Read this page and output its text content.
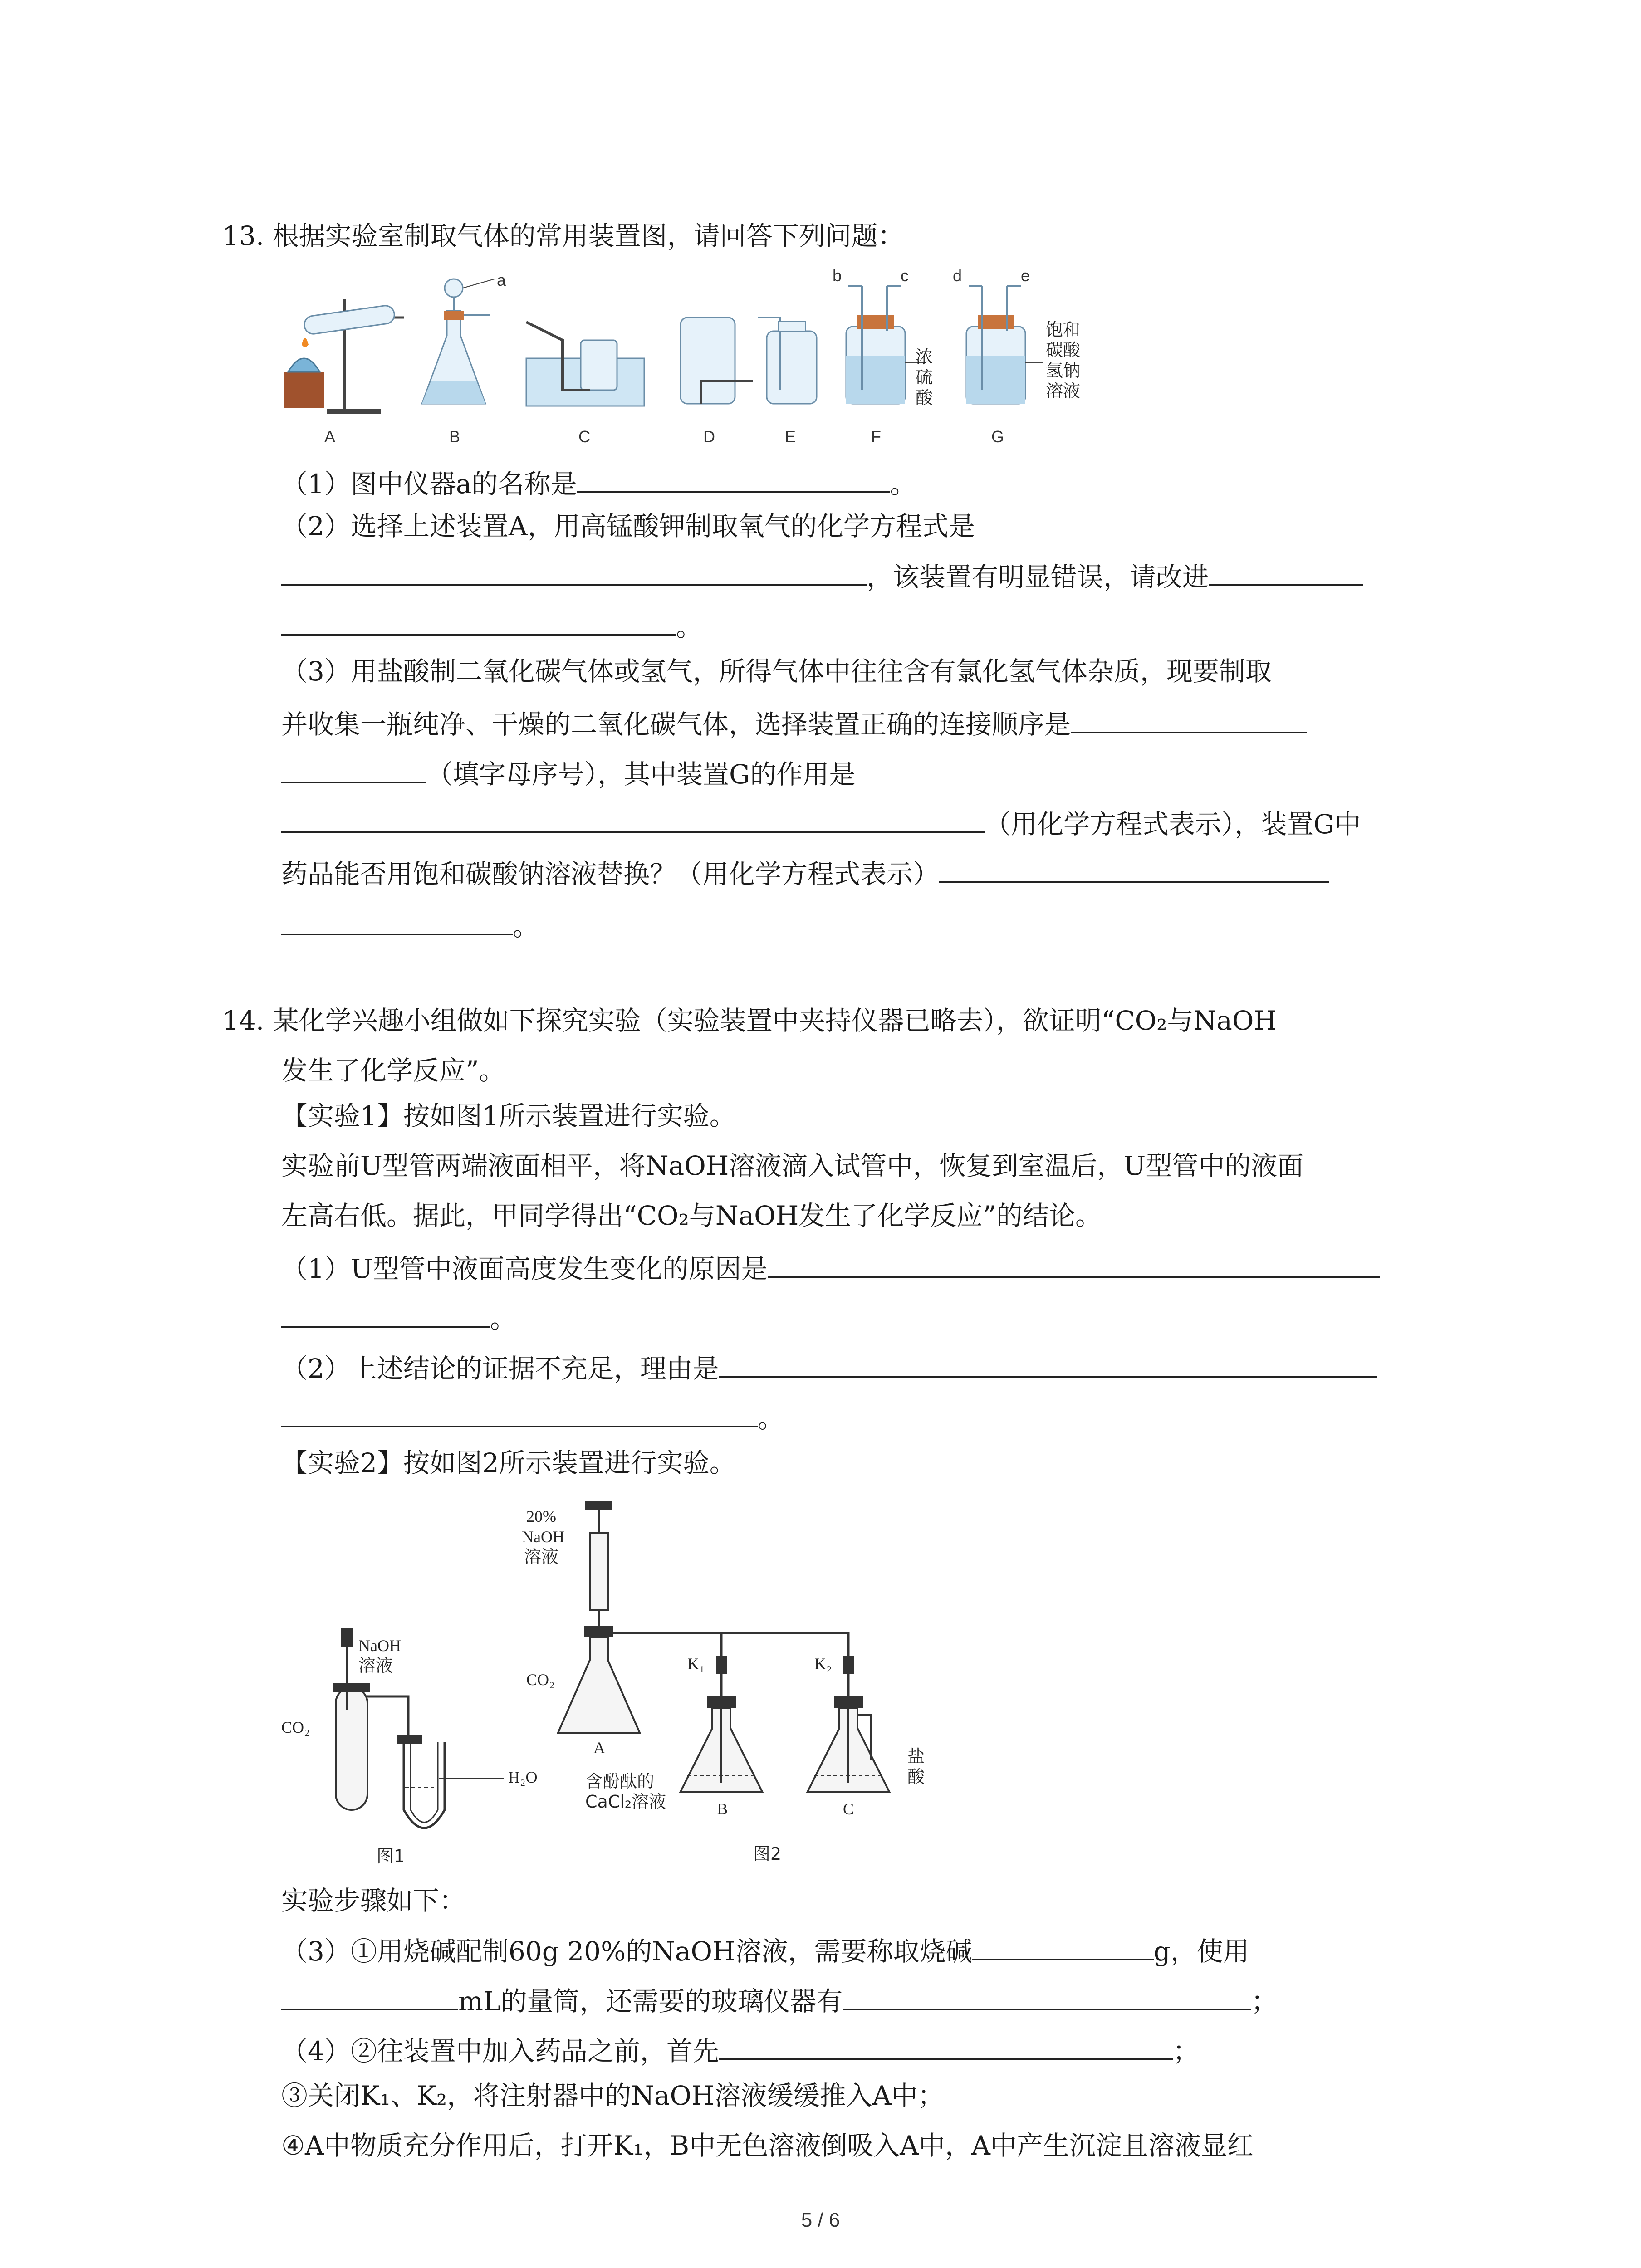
13. 根据实验室制取气体的常用装置图，请回答下列问题：
a	b	c	d	e
浓
硫
酸
饱和
碳酸
氢钠
溶液
A	B	C	D	E	F	G
（1）图中仪器a的名称是	。
（2）选择上述装置A，用高锰酸钾制取氧气的化学方程式是
，该装置有明显错误，请改进
。
（3）用盐酸制二氧化碳气体或氢气，所得气体中往往含有氯化氢气体杂质，现要制取
并收集一瓶纯净、干燥的二氧化碳气体，选择装置正确的连接顺序是
（填字母序号），其中装置G的作用是
（用化学方程式表示），装置G中
药品能否用饱和碳酸钠溶液替换？（用化学方程式表示）
。
14. 某化学兴趣小组做如下探究实验（实验装置中夹持仪器已略去），欲证明“CO₂与NaOH
发生了化学反应”。
【实验1】按如图1所示装置进行实验。
实验前U型管两端液面相平，将NaOH溶液滴入试管中，恢复到室温后，U型管中的液面
左高右低。据此，甲同学得出“CO₂与NaOH发生了化学反应”的结论。
（1）U型管中液面高度发生变化的原因是
。
（2）上述结论的证据不充足，理由是
。
【实验2】按如图2所示装置进行实验。
NaOH
溶液
CO₂
H₂O
图1
20%
NaOH
溶液
CO₂
A
K₁	K₂
B	C
含酚酞的
CaCl₂溶液
盐
酸
图2
实验步骤如下：
（3）①用烧碱配制60g 20%的NaOH溶液，需要称取烧碱	g，使用
mL的量筒，还需要的玻璃仪器有	；
（4）②往装置中加入药品之前，首先	；
③关闭K₁、K₂，将注射器中的NaOH溶液缓缓推入A中；
④A中物质充分作用后，打开K₁，B中无色溶液倒吸入A中，A中产生沉淀且溶液显红
5 / 6
